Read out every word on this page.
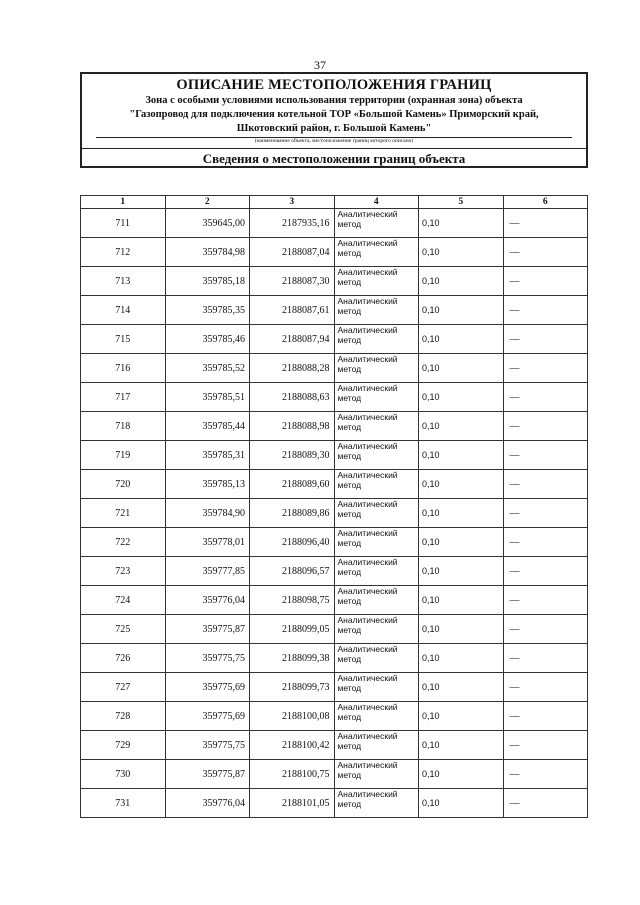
37
ОПИСАНИЕ МЕСТОПОЛОЖЕНИЯ ГРАНИЦ
Зона с особыми условиями использования территории (охранная зона) объекта
"Газопровод для подключения котельной ТОР «Большой Камень» Приморский край,
Шкотовский район, г. Большой Камень"
(наименование объекта, местоположение границ которого описано)
Сведения о местоположении границ объекта
1	2	3	4	5	6
711	359645,00	2187935,16	Аналитический метод	0,10	—
712	359784,98	2188087,04	Аналитический метод	0,10	—
713	359785,18	2188087,30	Аналитический метод	0,10	—
714	359785,35	2188087,61	Аналитический метод	0,10	—
715	359785,46	2188087,94	Аналитический метод	0,10	—
716	359785,52	2188088,28	Аналитический метод	0,10	—
717	359785,51	2188088,63	Аналитический метод	0,10	—
718	359785,44	2188088,98	Аналитический метод	0,10	—
719	359785,31	2188089,30	Аналитический метод	0,10	—
720	359785,13	2188089,60	Аналитический метод	0,10	—
721	359784,90	2188089,86	Аналитический метод	0,10	—
722	359778,01	2188096,40	Аналитический метод	0,10	—
723	359777,85	2188096,57	Аналитический метод	0,10	—
724	359776,04	2188098,75	Аналитический метод	0,10	—
725	359775,87	2188099,05	Аналитический метод	0,10	—
726	359775,75	2188099,38	Аналитический метод	0,10	—
727	359775,69	2188099,73	Аналитический метод	0,10	—
728	359775,69	2188100,08	Аналитический метод	0,10	—
729	359775,75	2188100,42	Аналитический метод	0,10	—
730	359775,87	2188100,75	Аналитический метод	0,10	—
731	359776,04	2188101,05	Аналитический метод	0,10	—
